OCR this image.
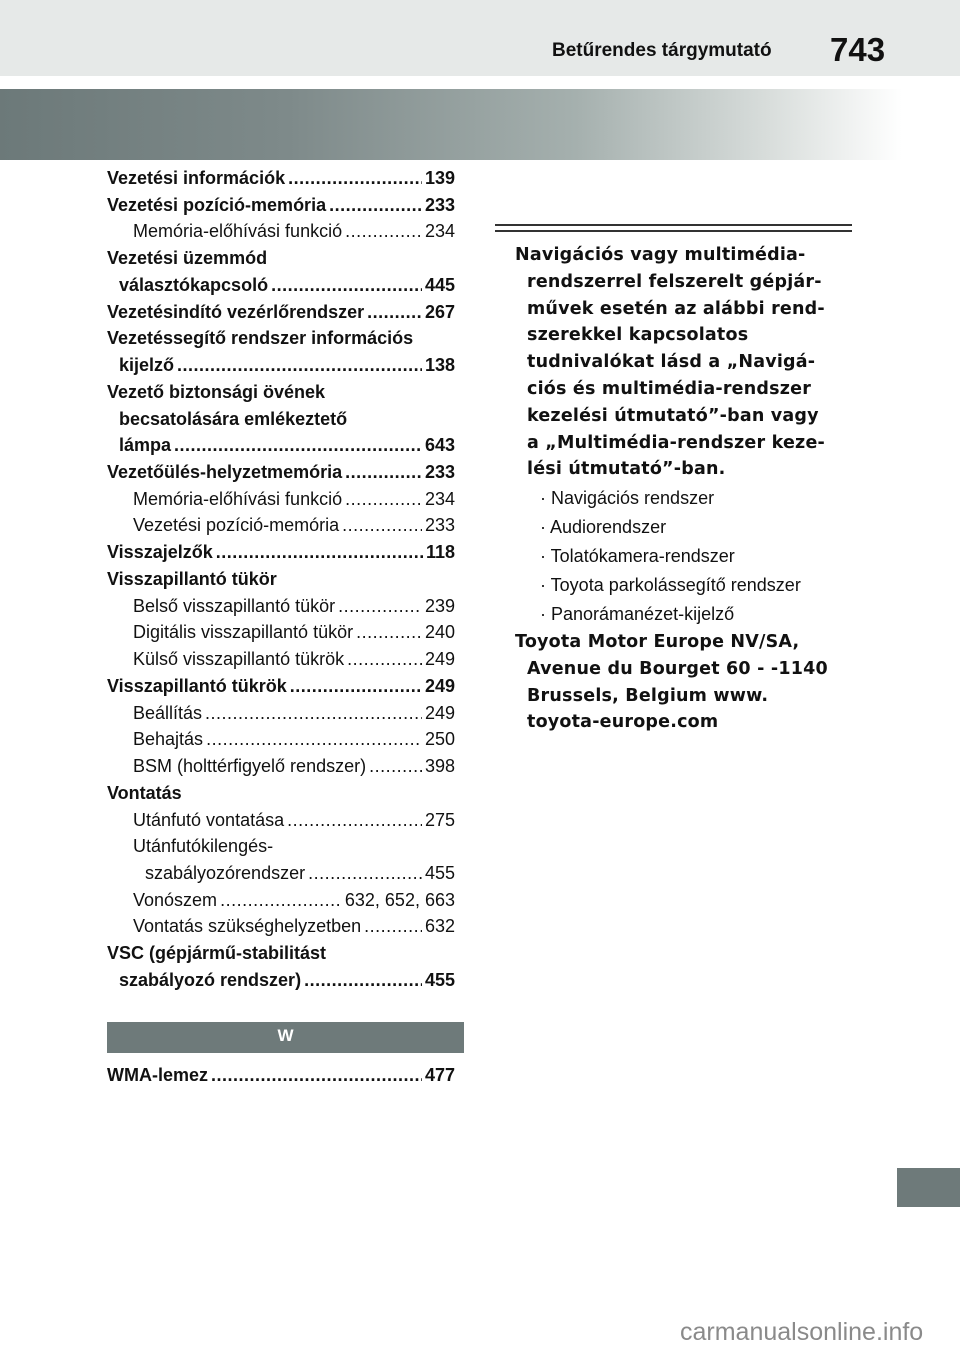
Betűrendes tárgymutató 743
Vezetési információk .....	139
Vezetési pozíció-memória .....	233
Memória-előhívási funkció .....	234
Vezetési üzemmód
választókapcsoló .....	445
Vezetésindító vezérlőrendszer .....	267
Vezetéssegítő rendszer információs
kijelző .....	138
Vezető biztonsági övének
becsatolására emlékeztető
lámpa .....	643
Vezetőülés-helyzetmemória .....	233
Memória-előhívási funkció .....	234
Vezetési pozíció-memória .....	233
Visszajelzők .....	118
Visszapillantó tükör
Belső visszapillantó tükör .....	239
Digitális visszapillantó tükör .....	240
Külső visszapillantó tükrök .....	249
Visszapillantó tükrök .....	249
Beállítás .....	249
Behajtás .....	250
BSM (holttérfigyelő rendszer) .....	398
Vontatás
Utánfutó vontatása .....	275
Utánfutókilengés-
szabályozórendszer .....	455
Vonószem .....	632, 652, 663
Vontatás szükséghelyzetben .....	632
VSC (gépjármű-stabilitást
szabályozó rendszer) .....	455
W
WMA-lemez .....	477
Navigációs vagy multimédia-
rendszerrel felszerelt gépjár-
művek esetén az alábbi rend-
szerekkel kapcsolatos
tudnivalókat lásd a „Navigá-
ciós és multimédia-rendszer
kezelési útmutató”-ban vagy
a „Multimédia-rendszer keze-
lési útmutató”-ban.
· Navigációs rendszer
· Audiorendszer
· Tolatókamera-rendszer
· Toyota parkolássegítő rendszer
· Panorámanézet-kijelző
Toyota Motor Europe NV/SA,
Avenue du Bourget 60 - -1140
Brussels, Belgium www.
toyota-europe.com
carmanualsonline.info
